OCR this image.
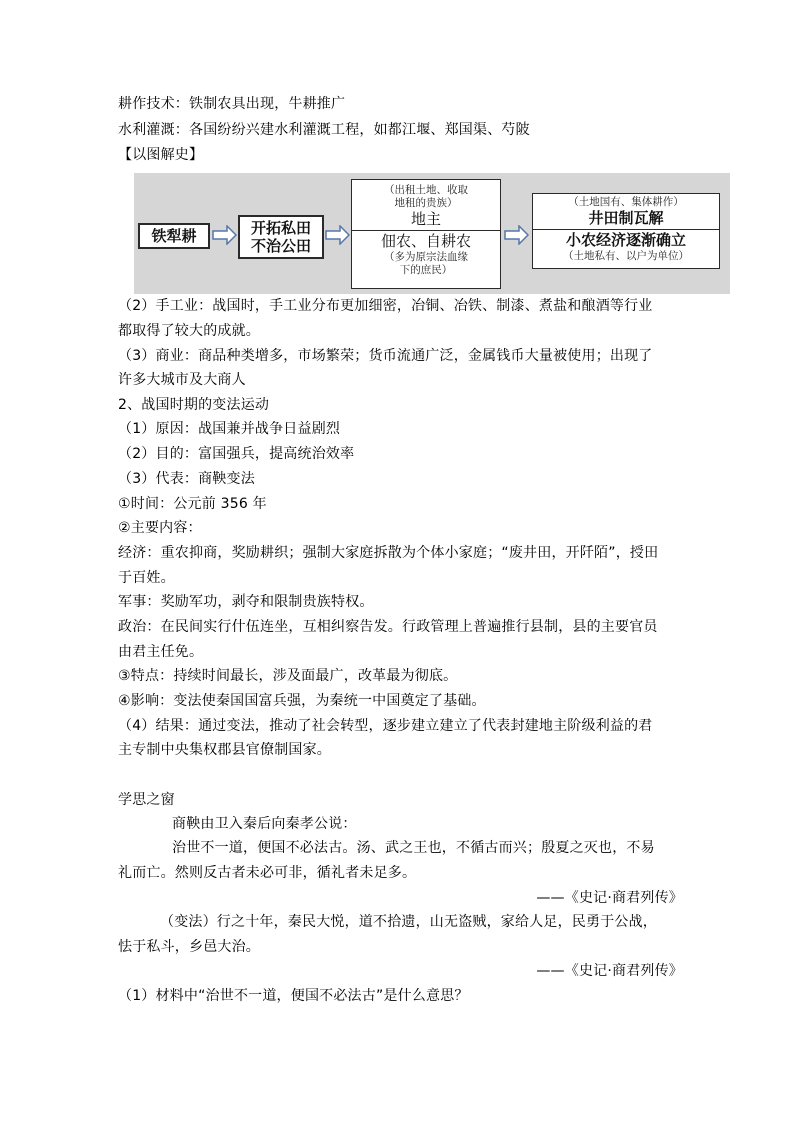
耕作技术：铁制农具出现，牛耕推广
水利灌溉：各国纷纷兴建水利灌溉工程，如都江堰、郑国渠、芍陂
【以图解史】
铁犁耕	开拓私田
不治公田
（出租土地、收取
地租的贵族）
地主
佃农、自耕农
（多为原宗法血缘
下的庶民）
（土地国有、集体耕作）
井田制瓦解
小农经济逐渐确立
（土地私有、以户为单位）
（2）手工业：战国时，手工业分布更加细密，冶铜、冶铁、制漆、煮盐和酿酒等行业
都取得了较大的成就。
（3）商业：商品种类增多，市场繁荣；货币流通广泛，金属钱币大量被使用；出现了
许多大城市及大商人
2、战国时期的变法运动
（1）原因：战国兼并战争日益剧烈
（2）目的：富国强兵，提高统治效率
（3）代表：商鞅变法
①时间：公元前 356 年
②主要内容：
经济：重农抑商，奖励耕织；强制大家庭拆散为个体小家庭；“废井田，开阡陌”，授田
于百姓。
军事：奖励军功，剥夺和限制贵族特权。
政治：在民间实行什伍连坐，互相纠察告发。行政管理上普遍推行县制，县的主要官员
由君主任免。
③特点：持续时间最长，涉及面最广，改革最为彻底。
④影响：变法使秦国国富兵强，为秦统一中国奠定了基础。
（4）结果：通过变法，推动了社会转型，逐步建立建立了代表封建地主阶级利益的君
主专制中央集权郡县官僚制国家。
学思之窗
商鞅由卫入秦后向秦孝公说：
治世不一道，便国不必法古。汤、武之王也，不循古而兴；殷夏之灭也，不易
礼而亡。然则反古者未必可非，循礼者未足多。
——《史记·商君列传》
（变法）行之十年，秦民大悦，道不拾遗，山无盗贼，家给人足，民勇于公战，
怯于私斗，乡邑大治。
——《史记·商君列传》
（1）材料中“治世不一道，便国不必法古”是什么意思？
